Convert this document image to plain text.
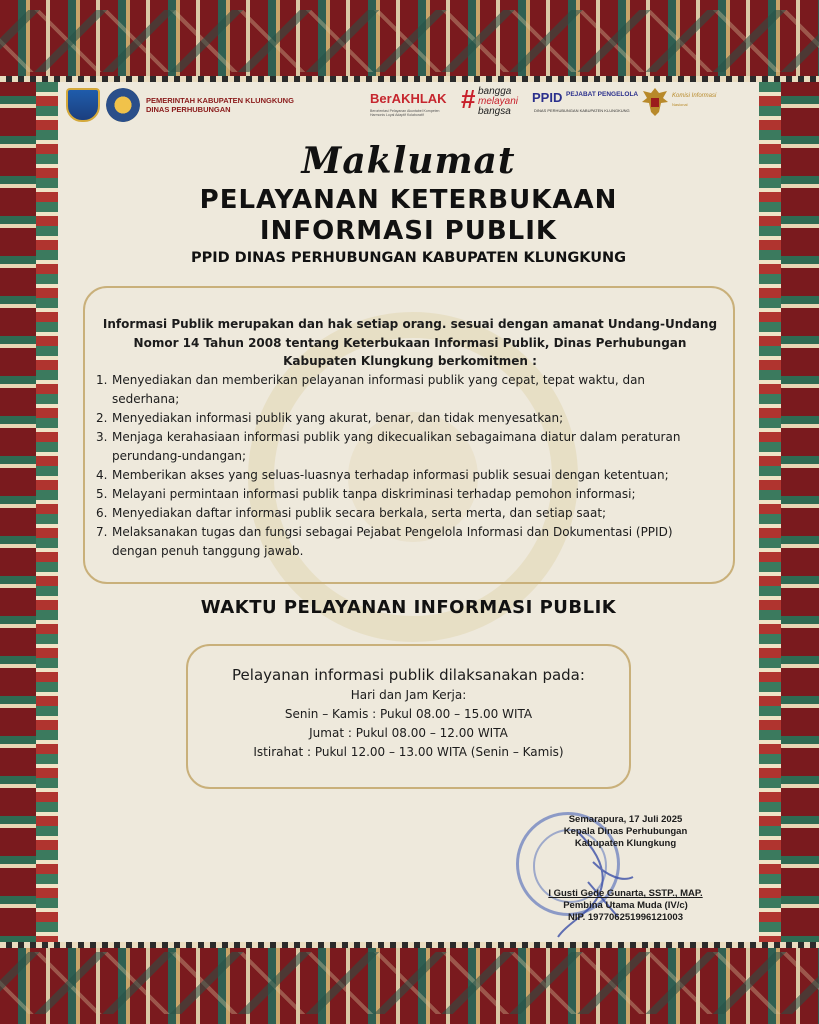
PEMERINTAH KABUPATEN KLUNGKUNG
DINAS PERHUBUNGAN
BerAKHLAK
Berorientasi Pelayanan Akuntabel Kompeten Harmonis Loyal Adaptif Kolaboratif
# bangga
melayani
bangsa
PPID PEJABAT PENGELOLA
DINAS PERHUBUNGAN KABUPATEN KLUNGKUNG
Komisi Informasi
Nasional
Maklumat
PELAYANAN KETERBUKAAN
INFORMASI PUBLIK
PPID DINAS PERHUBUNGAN KABUPATEN KLUNGKUNG
Informasi Publik merupakan dan hak setiap orang. sesuai dengan amanat Undang-Undang
Nomor 14 Tahun 2008 tentang Keterbukaan Informasi Publik, Dinas Perhubungan
Kabupaten Klungkung berkomitmen :
1. Menyediakan dan memberikan pelayanan informasi publik yang cepat, tepat waktu, dan
sederhana;
2. Menyediakan informasi publik yang akurat, benar, dan tidak menyesatkan;
3. Menjaga kerahasiaan informasi publik yang dikecualikan sebagaimana diatur dalam peraturan
perundang-undangan;
4. Memberikan akses yang seluas-luasnya terhadap informasi publik sesuai dengan ketentuan;
5. Melayani permintaan informasi publik tanpa diskriminasi terhadap pemohon informasi;
6. Menyediakan daftar informasi publik secara berkala, serta merta, dan setiap saat;
7. Melaksanakan tugas dan fungsi sebagai Pejabat Pengelola Informasi dan Dokumentasi (PPID)
dengan penuh tanggung jawab.
WAKTU PELAYANAN INFORMASI PUBLIK
Pelayanan informasi publik dilaksanakan pada:
Hari dan Jam Kerja:
Senin – Kamis : Pukul 08.00 – 15.00 WITA
Jumat : Pukul 08.00 – 12.00 WITA
Istirahat : Pukul 12.00 – 13.00 WITA (Senin – Kamis)
Semarapura, 17 Juli 2025
Kepala Dinas Perhubungan
Kabupaten Klungkung
I Gusti Gede Gunarta, SSTP., MAP.
Pembina Utama Muda (IV/c)
NIP. 197706251996121003
